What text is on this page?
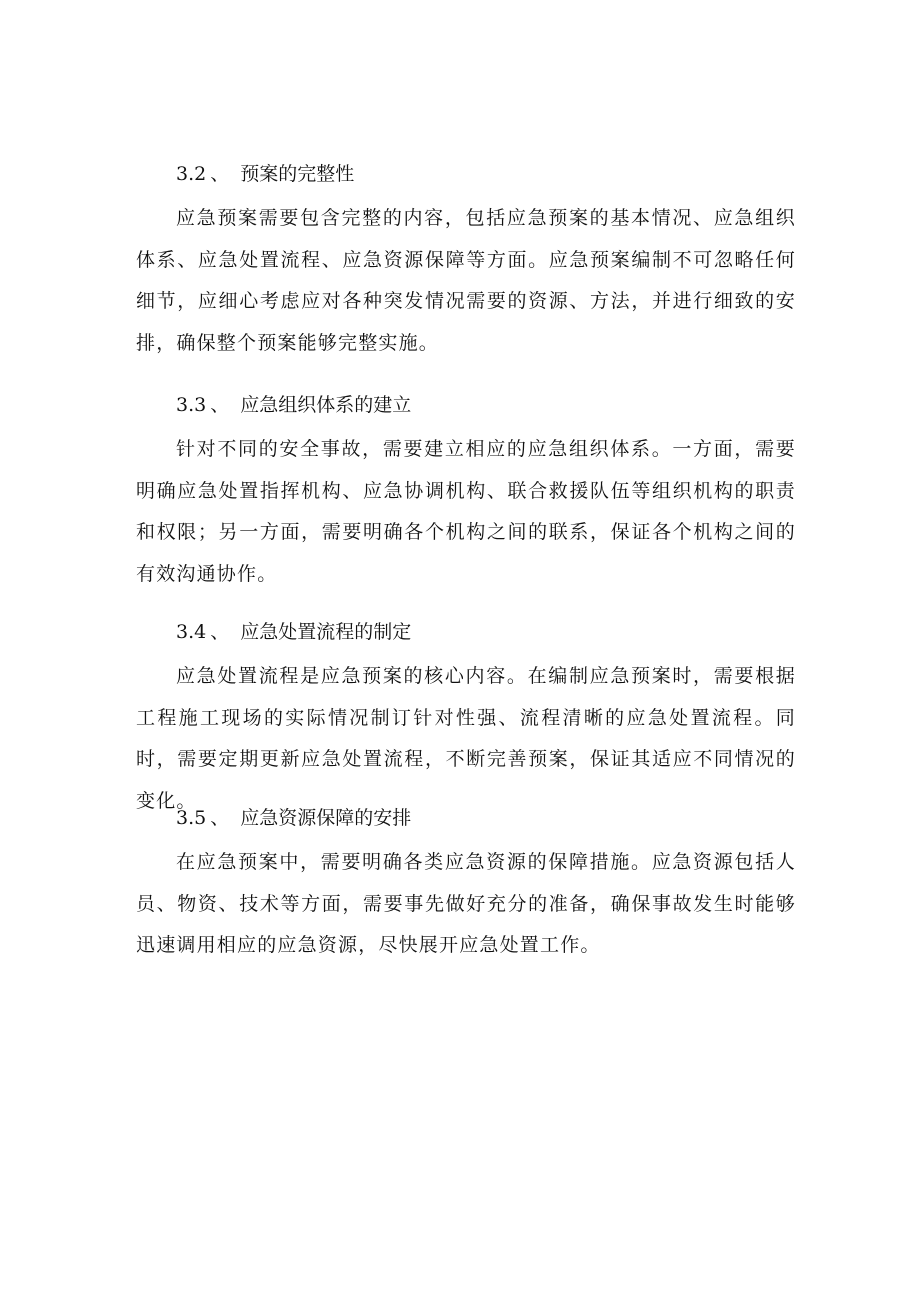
3.2 、 预案的完整性

应急预案需要包含完整的内容，包括应急预案的基本情况、应急组织体系、应急处置流程、应急资源保障等方面。应急预案编制不可忽略任何细节，应细心考虑应对各种突发情况需要的资源、方法，并进行细致的安排，确保整个预案能够完整实施。

3.3 、 应急组织体系的建立

针对不同的安全事故，需要建立相应的应急组织体系。一方面，需要明确应急处置指挥机构、应急协调机构、联合救援队伍等组织机构的职责和权限；另一方面，需要明确各个机构之间的联系，保证各个机构之间的有效沟通协作。

3.4 、 应急处置流程的制定

应急处置流程是应急预案的核心内容。在编制应急预案时，需要根据工程施工现场的实际情况制订针对性强、流程清晰的应急处置流程。同时，需要定期更新应急处置流程，不断完善预案，保证其适应不同情况的变化。

3.5 、 应急资源保障的安排

在应急预案中，需要明确各类应急资源的保障措施。应急资源包括人员、物资、技术等方面，需要事先做好充分的准备，确保事故发生时能够迅速调用相应的应急资源，尽快展开应急处置工作。
